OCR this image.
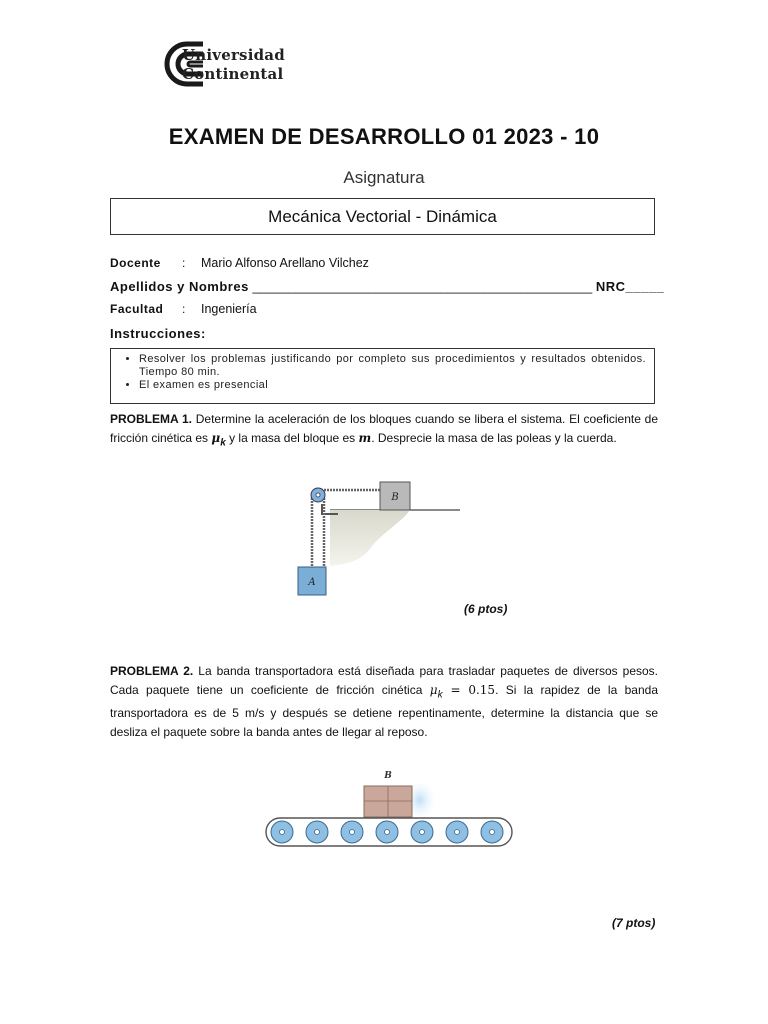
Universidad
Continental
EXAMEN DE DESARROLLO 01 2023 - 10
Asignatura
Mecánica Vectorial - Dinámica
Docente : Mario Alfonso Arellano Vilchez
Apellidos y Nombres _______________________________________________ NRC_____
Facultad : Ingeniería
Instrucciones:
• Resolver los problemas justificando por completo sus procedimientos y resultados obtenidos. Tiempo 80 min.
• El examen es presencial
PROBLEMA 1. Determine la aceleración de los bloques cuando se libera el sistema. El coeficiente de fricción cinética es $\mu_k$ y la masa del bloque es m. Desprecie la masa de las poleas y la cuerda.
B
A
(6 ptos)
PROBLEMA 2. La banda transportadora está diseñada para trasladar paquetes de diversos pesos. Cada paquete tiene un coeficiente de fricción cinética $\mu_k = 0.15$. Si la rapidez de la banda transportadora es de 5 m/s y después se detiene repentinamente, determine la distancia que se desliza el paquete sobre la banda antes de llegar al reposo.
B
(7 ptos)
